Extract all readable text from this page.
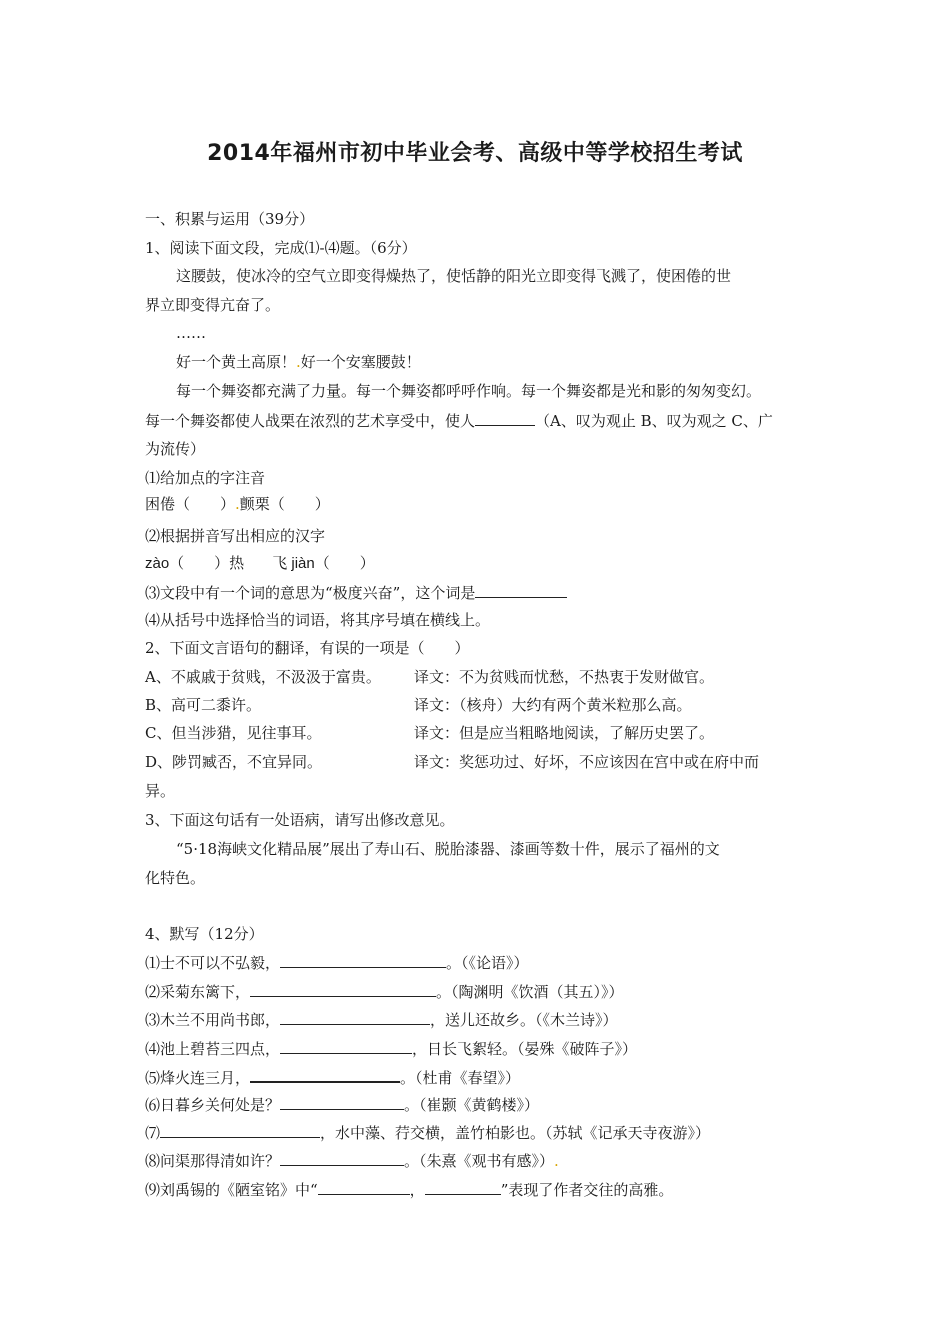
2014年福州市初中毕业会考、高级中等学校招生考试
一、积累与运用（39分）
1、阅读下面文段，完成⑴-⑷题。（6分）
这腰鼓，使冰冷的空气立即变得燥热了，使恬静的阳光立即变得飞溅了，使困倦的世
界立即变得亢奋了。
……
好一个黄土高原！.好一个安塞腰鼓！
每一个舞姿都充满了力量。每一个舞姿都呼呼作响。每一个舞姿都是光和影的匆匆变幻。
每一个舞姿都使人战栗在浓烈的艺术享受中，使人	（A、叹为观止 B、叹为观之 C、广
为流传）
⑴给加点的字注音
困倦（　　）.颤栗（　　）
⑵根据拼音写出相应的汉字
zào（　　）热 飞 jiàn（　　）
⑶文段中有一个词的意思为“极度兴奋”，这个词是
⑷从括号中选择恰当的词语，将其序号填在横线上。
2、下面文言语句的翻译，有误的一项是（　　）
A、不戚戚于贫贱，不汲汲于富贵。 译文：不为贫贱而忧愁，不热衷于发财做官。
B、高可二黍许。	译文：（核舟）大约有两个黄米粒那么高。
C、但当涉猎，见往事耳。	译文：但是应当粗略地阅读，了解历史罢了。
D、陟罚臧否，不宜异同。	译文：奖惩功过、好坏，不应该因在宫中或在府中而
异。
3、下面这句话有一处语病，请写出修改意见。
“5·18海峡文化精品展”展出了寿山石、脱胎漆器、漆画等数十件，展示了福州的文
化特色。
4、默写（12分）
⑴士不可以不弘毅，	。（《论语》）
⑵采菊东篱下，	。（陶渊明《饮酒（其五）》）
⑶木兰不用尚书郎，	，送儿还故乡。（《木兰诗》）
⑷池上碧苔三四点，	，日长飞絮轻。（晏殊《破阵子》）
⑸烽火连三月，	。（杜甫《春望》）
⑹日暮乡关何处是？	。（崔颢《黄鹤楼》）
⑺	，水中藻、荇交横，盖竹柏影也。（苏轼《记承天寺夜游》）
⑻问渠那得清如许？	。（朱熹《观书有感》）.
⑼刘禹锡的《陋室铭》中“	，	”表现了作者交往的高雅。
